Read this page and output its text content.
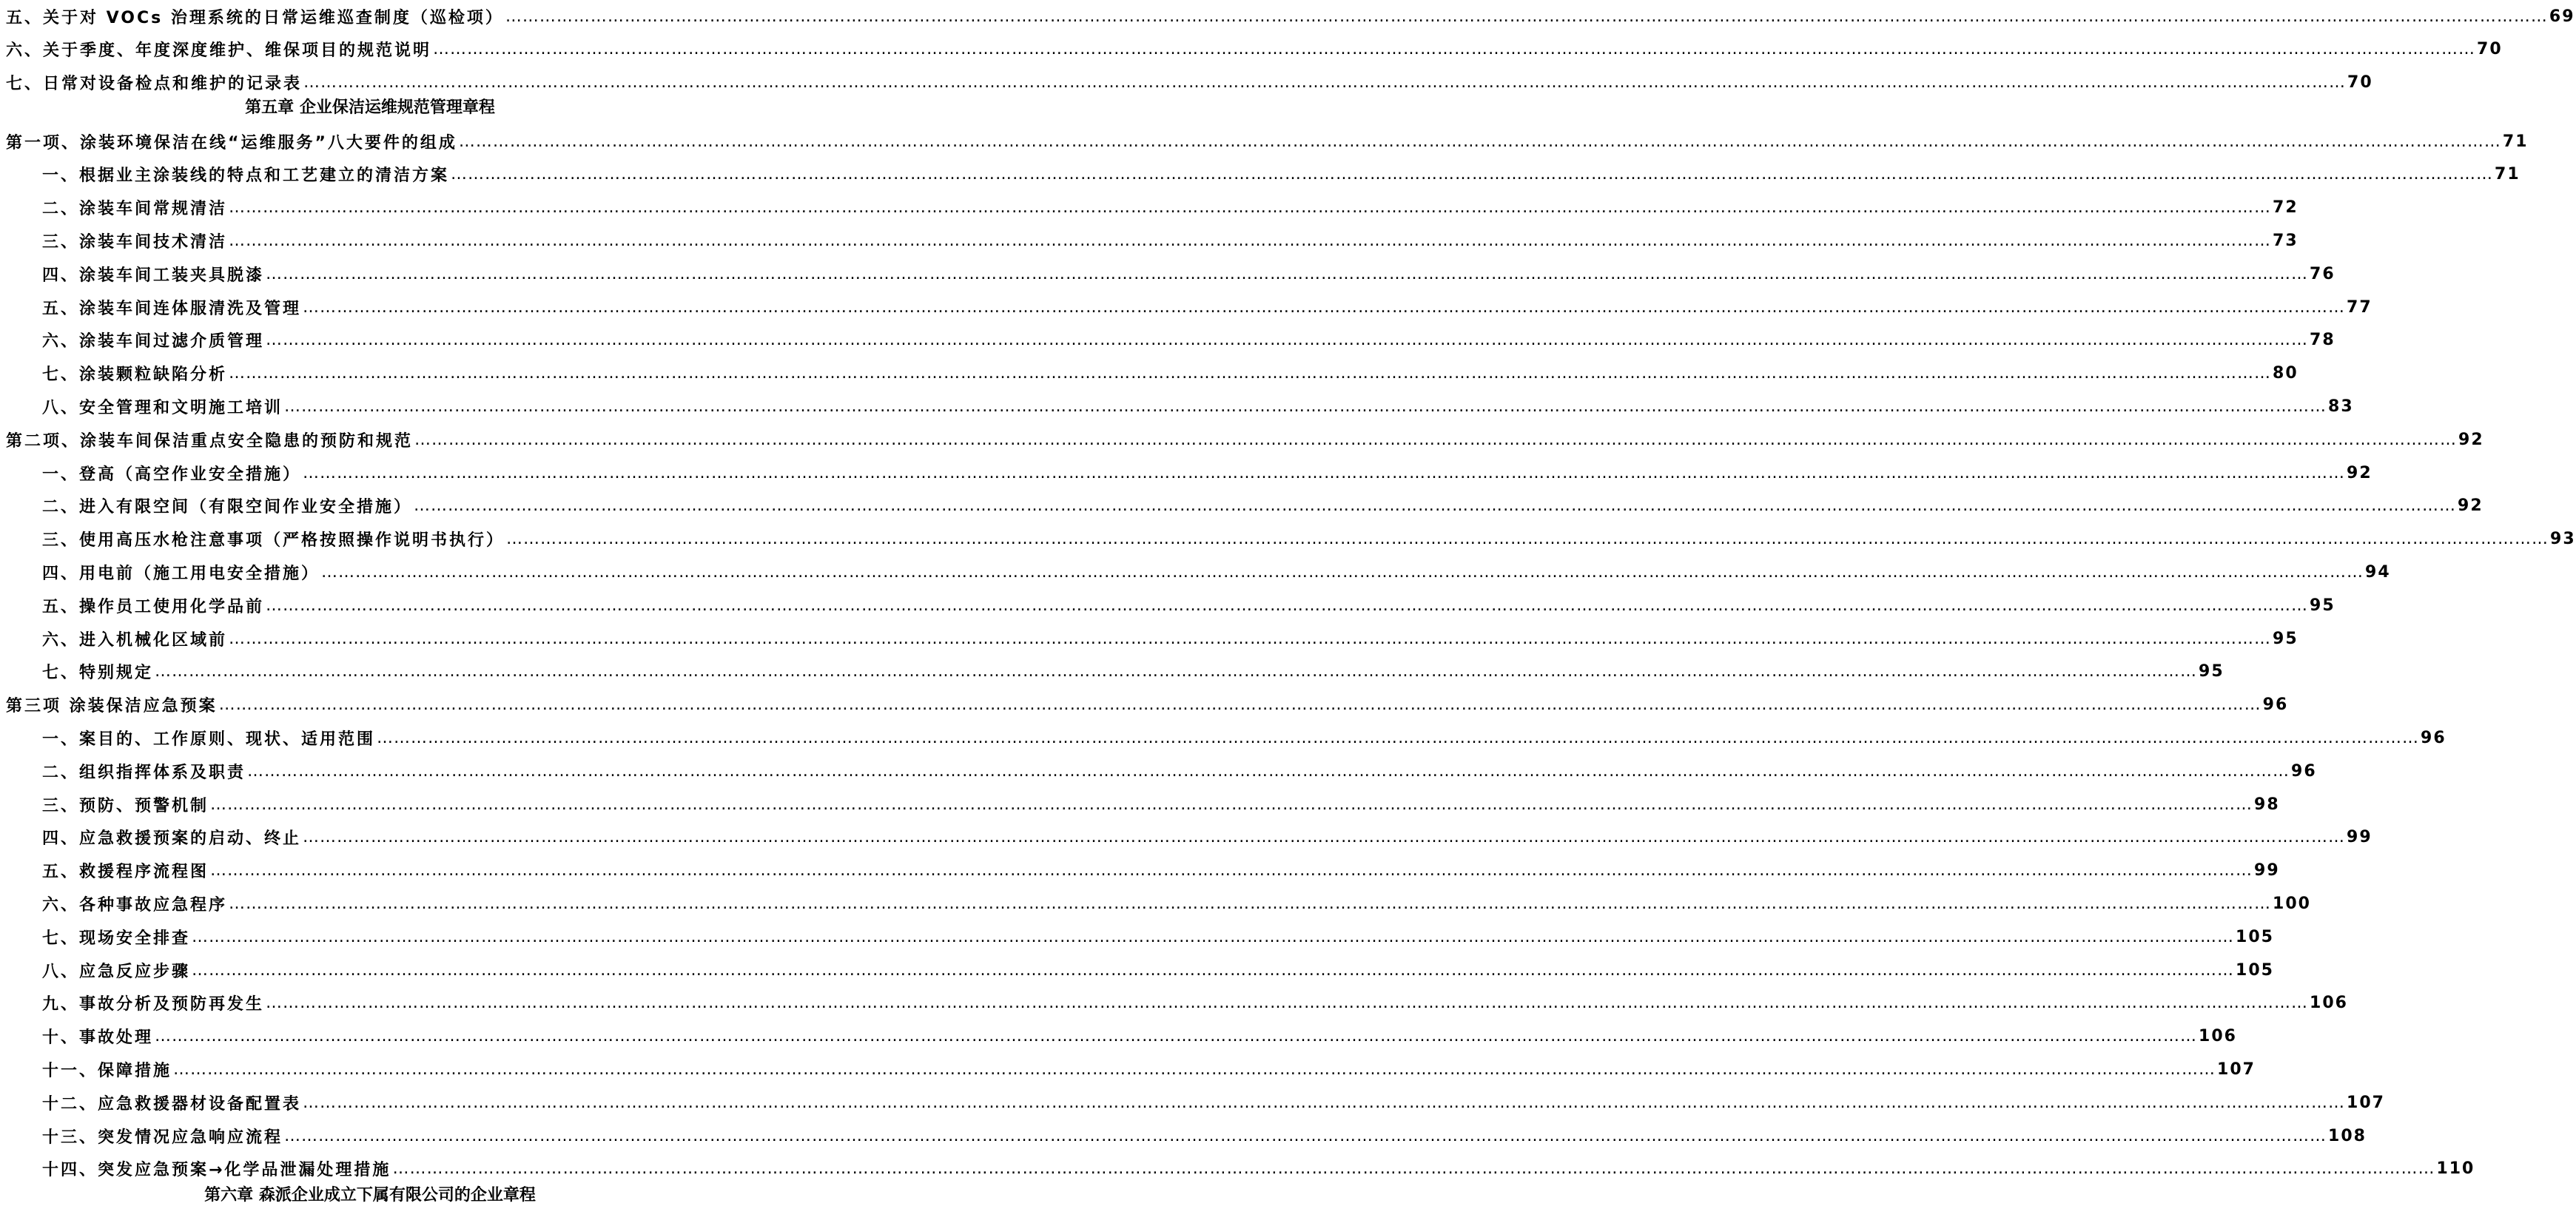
五、关于对 VOCs 治理系统的日常运维巡查制度（巡检项） ……………………………………………………………………………………………………………………………………………………………………………………………………………………………………………………………………………………………………………………………… 69
六、关于季度、年度深度维护、维保项目的规范说明 ……………………………………………………………………………………………………………………………………………………………………………………………………………………………………………………………………………………………………………………………… 70
七、日常对设备检点和维护的记录表 ……………………………………………………………………………………………………………………………………………………………………………………………………………………………………………………………………………………………………………………………… 70
第五章 企业保洁运维规范管理章程
第一项、涂装环境保洁在线“运维服务”八大要件的组成 ……………………………………………………………………………………………………………………………………………………………………………………………………………………………………………………………………………………………………………………………… 71
一、根据业主涂装线的特点和工艺建立的清洁方案 ……………………………………………………………………………………………………………………………………………………………………………………………………………………………………………………………………………………………………………………………… 71
二、涂装车间常规清洁 ……………………………………………………………………………………………………………………………………………………………………………………………………………………………………………………………………………………………………………………………… 72
三、涂装车间技术清洁 ……………………………………………………………………………………………………………………………………………………………………………………………………………………………………………………………………………………………………………………………… 73
四、涂装车间工装夹具脱漆 ……………………………………………………………………………………………………………………………………………………………………………………………………………………………………………………………………………………………………………………………… 76
五、涂装车间连体服清洗及管理 ……………………………………………………………………………………………………………………………………………………………………………………………………………………………………………………………………………………………………………………………… 77
六、涂装车间过滤介质管理 ……………………………………………………………………………………………………………………………………………………………………………………………………………………………………………………………………………………………………………………………… 78
七、涂装颗粒缺陷分析 ……………………………………………………………………………………………………………………………………………………………………………………………………………………………………………………………………………………………………………………………… 80
八、安全管理和文明施工培训 ……………………………………………………………………………………………………………………………………………………………………………………………………………………………………………………………………………………………………………………………… 83
第二项、涂装车间保洁重点安全隐患的预防和规范 ……………………………………………………………………………………………………………………………………………………………………………………………………………………………………………………………………………………………………………………………… 92
一、登高（高空作业安全措施） ……………………………………………………………………………………………………………………………………………………………………………………………………………………………………………………………………………………………………………………………… 92
二、进入有限空间（有限空间作业安全措施） ……………………………………………………………………………………………………………………………………………………………………………………………………………………………………………………………………………………………………………………………… 92
三、使用高压水枪注意事项（严格按照操作说明书执行） ……………………………………………………………………………………………………………………………………………………………………………………………………………………………………………………………………………………………………………………………… 93
四、用电前（施工用电安全措施） ……………………………………………………………………………………………………………………………………………………………………………………………………………………………………………………………………………………………………………………………… 94
五、操作员工使用化学品前 ……………………………………………………………………………………………………………………………………………………………………………………………………………………………………………………………………………………………………………………………… 95
六、进入机械化区域前 ……………………………………………………………………………………………………………………………………………………………………………………………………………………………………………………………………………………………………………………………… 95
七、特别规定 ……………………………………………………………………………………………………………………………………………………………………………………………………………………………………………………………………………………………………………………………… 95
第三项 涂装保洁应急预案 ……………………………………………………………………………………………………………………………………………………………………………………………………………………………………………………………………………………………………………………………… 96
一、案目的、工作原则、现状、适用范围 ……………………………………………………………………………………………………………………………………………………………………………………………………………………………………………………………………………………………………………………………… 96
二、组织指挥体系及职责 ……………………………………………………………………………………………………………………………………………………………………………………………………………………………………………………………………………………………………………………………… 96
三、预防、预警机制 ……………………………………………………………………………………………………………………………………………………………………………………………………………………………………………………………………………………………………………………………… 98
四、应急救援预案的启动、终止 ……………………………………………………………………………………………………………………………………………………………………………………………………………………………………………………………………………………………………………………………… 99
五、救援程序流程图 ……………………………………………………………………………………………………………………………………………………………………………………………………………………………………………………………………………………………………………………………… 99
六、各种事故应急程序 ……………………………………………………………………………………………………………………………………………………………………………………………………………………………………………………………………………………………………………………………… 100
七、现场安全排查 ……………………………………………………………………………………………………………………………………………………………………………………………………………………………………………………………………………………………………………………………… 105
八、应急反应步骤 ……………………………………………………………………………………………………………………………………………………………………………………………………………………………………………………………………………………………………………………………… 105
九、事故分析及预防再发生 ……………………………………………………………………………………………………………………………………………………………………………………………………………………………………………………………………………………………………………………………… 106
十、事故处理 ……………………………………………………………………………………………………………………………………………………………………………………………………………………………………………………………………………………………………………………………… 106
十一、保障措施 ……………………………………………………………………………………………………………………………………………………………………………………………………………………………………………………………………………………………………………………………… 107
十二、应急救援器材设备配置表 ……………………………………………………………………………………………………………………………………………………………………………………………………………………………………………………………………………………………………………………………… 107
十三、突发情况应急响应流程 ……………………………………………………………………………………………………………………………………………………………………………………………………………………………………………………………………………………………………………………………… 108
十四、突发应急预案→化学品泄漏处理措施 ……………………………………………………………………………………………………………………………………………………………………………………………………………………………………………………………………………………………………………………………… 110
第六章 森派企业成立下属有限公司的企业章程
